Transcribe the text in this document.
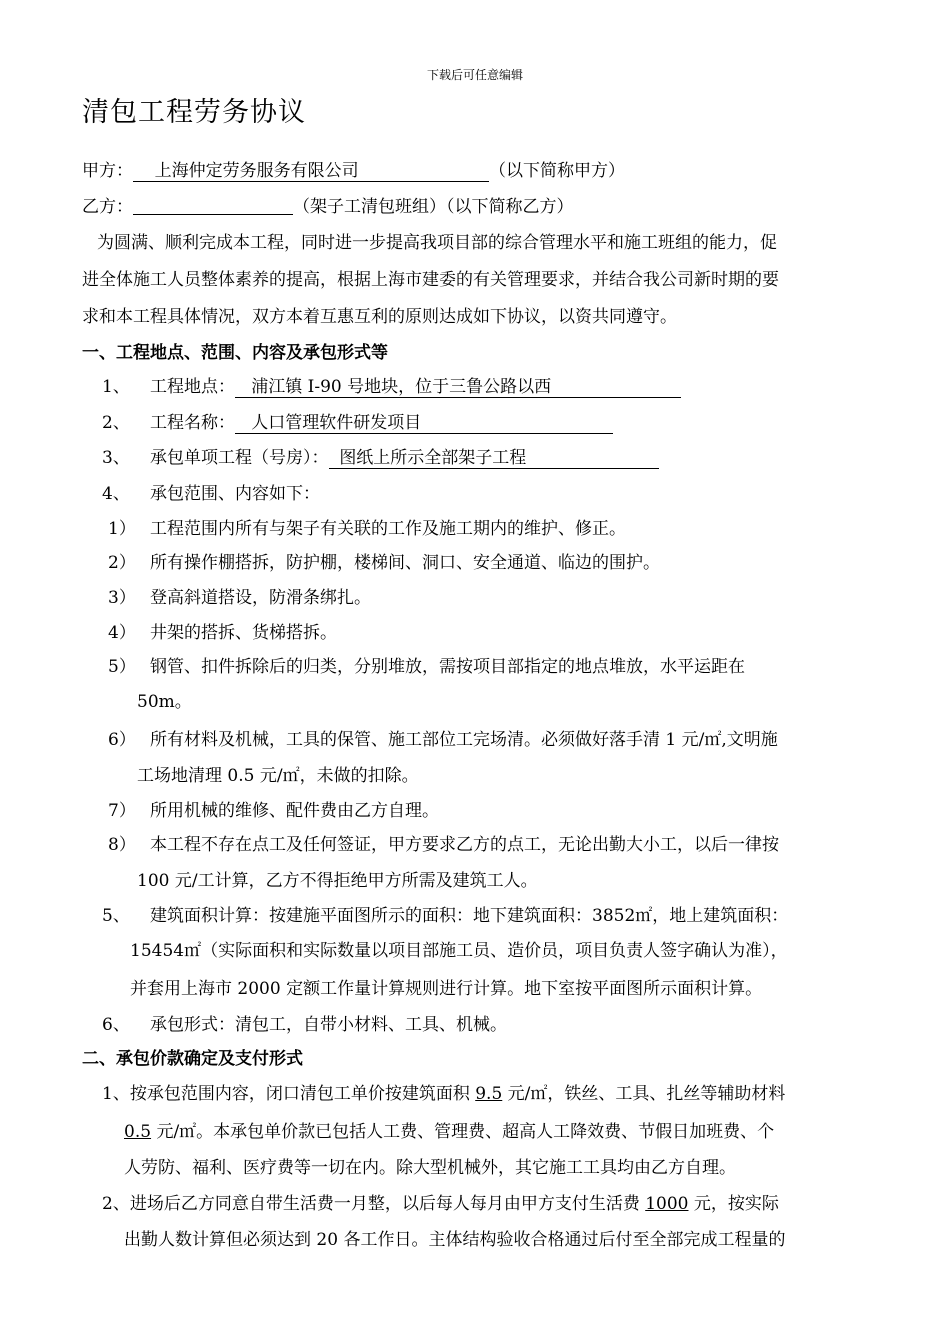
下载后可任意编辑
清包工程劳务协议
甲方： 上海仲定劳务服务有限公司	（以下简称甲方）
乙方：	（架子工清包班组）（以下简称乙方）
为圆满、顺利完成本工程，同时进一步提高我项目部的综合管理水平和施工班组的能力，促
进全体施工人员整体素养的提高，根据上海市建委的有关管理要求，并结合我公司新时期的要
求和本工程具体情况，双方本着互惠互利的原则达成如下协议，以资共同遵守。
一、工程地点、范围、内容及承包形式等
1、 工程地点： 浦江镇 I-90 号地块，位于三鲁公路以西
2、 工程名称： 人口管理软件研发项目
3、 承包单项工程（号房）： 图纸上所示全部架子工程
4、 承包范围、内容如下：
1） 工程范围内所有与架子有关联的工作及施工期内的维护、修正。
2） 所有操作棚搭拆，防护棚，楼梯间、洞口、安全通道、临边的围护。
3） 登高斜道搭设，防滑条绑扎。
4） 井架的搭拆、货梯搭拆。
5） 钢管、扣件拆除后的归类，分别堆放，需按项目部指定的地点堆放，水平运距在
50m。
6） 所有材料及机械，工具的保管、施工部位工完场清。必须做好落手清 1 元/㎡,文明施
工场地清理 0.5 元/㎡，未做的扣除。
7） 所用机械的维修、配件费由乙方自理。
8） 本工程不存在点工及任何签证，甲方要求乙方的点工，无论出勤大小工，以后一律按
100 元/工计算，乙方不得拒绝甲方所需及建筑工人。
5、 建筑面积计算：按建施平面图所示的面积：地下建筑面积：3852㎡，地上建筑面积：
15454㎡（实际面积和实际数量以项目部施工员、造价员，项目负责人签字确认为准），
并套用上海市 2000 定额工作量计算规则进行计算。地下室按平面图所示面积计算。
6、 承包形式：清包工，自带小材料、工具、机械。
二、承包价款确定及支付形式
1、按承包范围内容，闭口清包工单价按建筑面积 9.5 元/㎡，铁丝、工具、扎丝等辅助材料
0.5 元/㎡。本承包单价款已包括人工费、管理费、超高人工降效费、节假日加班费、个
人劳防、福利、医疗费等一切在内。除大型机械外，其它施工工具均由乙方自理。
2、进场后乙方同意自带生活费一月整，以后每人每月由甲方支付生活费 1000 元，按实际
出勤人数计算但必须达到 20 各工作日。主体结构验收合格通过后付至全部完成工程量的
